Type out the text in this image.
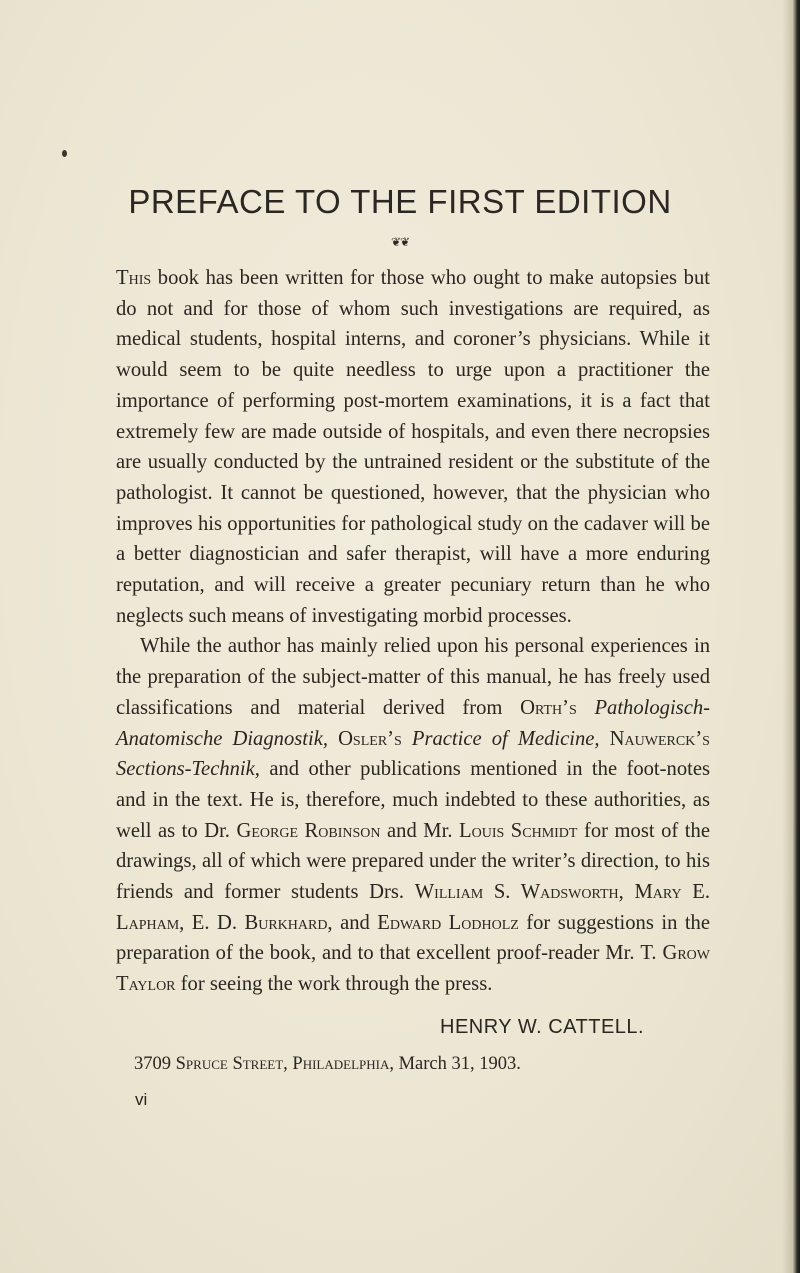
PREFACE TO THE FIRST EDITION
❦❦

This book has been written for those who ought to make autopsies but do not and for those of whom such investigations are required, as medical students, hospital interns, and coroner’s physicians. While it would seem to be quite needless to urge upon a practitioner the importance of performing post-mortem examinations, it is a fact that extremely few are made outside of hospitals, and even there necropsies are usually conducted by the untrained resident or the substitute of the pathologist. It cannot be questioned, however, that the physician who improves his opportunities for pathological study on the cadaver will be a better diagnostician and safer therapist, will have a more enduring reputation, and will receive a greater pecuniary return than he who neglects such means of investigating morbid processes.

While the author has mainly relied upon his personal experiences in the preparation of the subject-matter of this manual, he has freely used classifications and material derived from Orth’s Pathologisch-Anatomische Diagnostik, Osler’s Practice of Medicine, Nauwerck’s Sections-Technik, and other publications mentioned in the foot-notes and in the text. He is, therefore, much indebted to these authorities, as well as to Dr. George Robinson and Mr. Louis Schmidt for most of the drawings, all of which were prepared under the writer’s direction, to his friends and former students Drs. William S. Wadsworth, Mary E. Lapham, E. D. Burkhard, and Edward Lodholz for suggestions in the preparation of the book, and to that excellent proof-reader Mr. T. Grow Taylor for seeing the work through the press.

HENRY W. CATTELL.
3709 Spruce Street, Philadelphia, March 31, 1903.
vi
